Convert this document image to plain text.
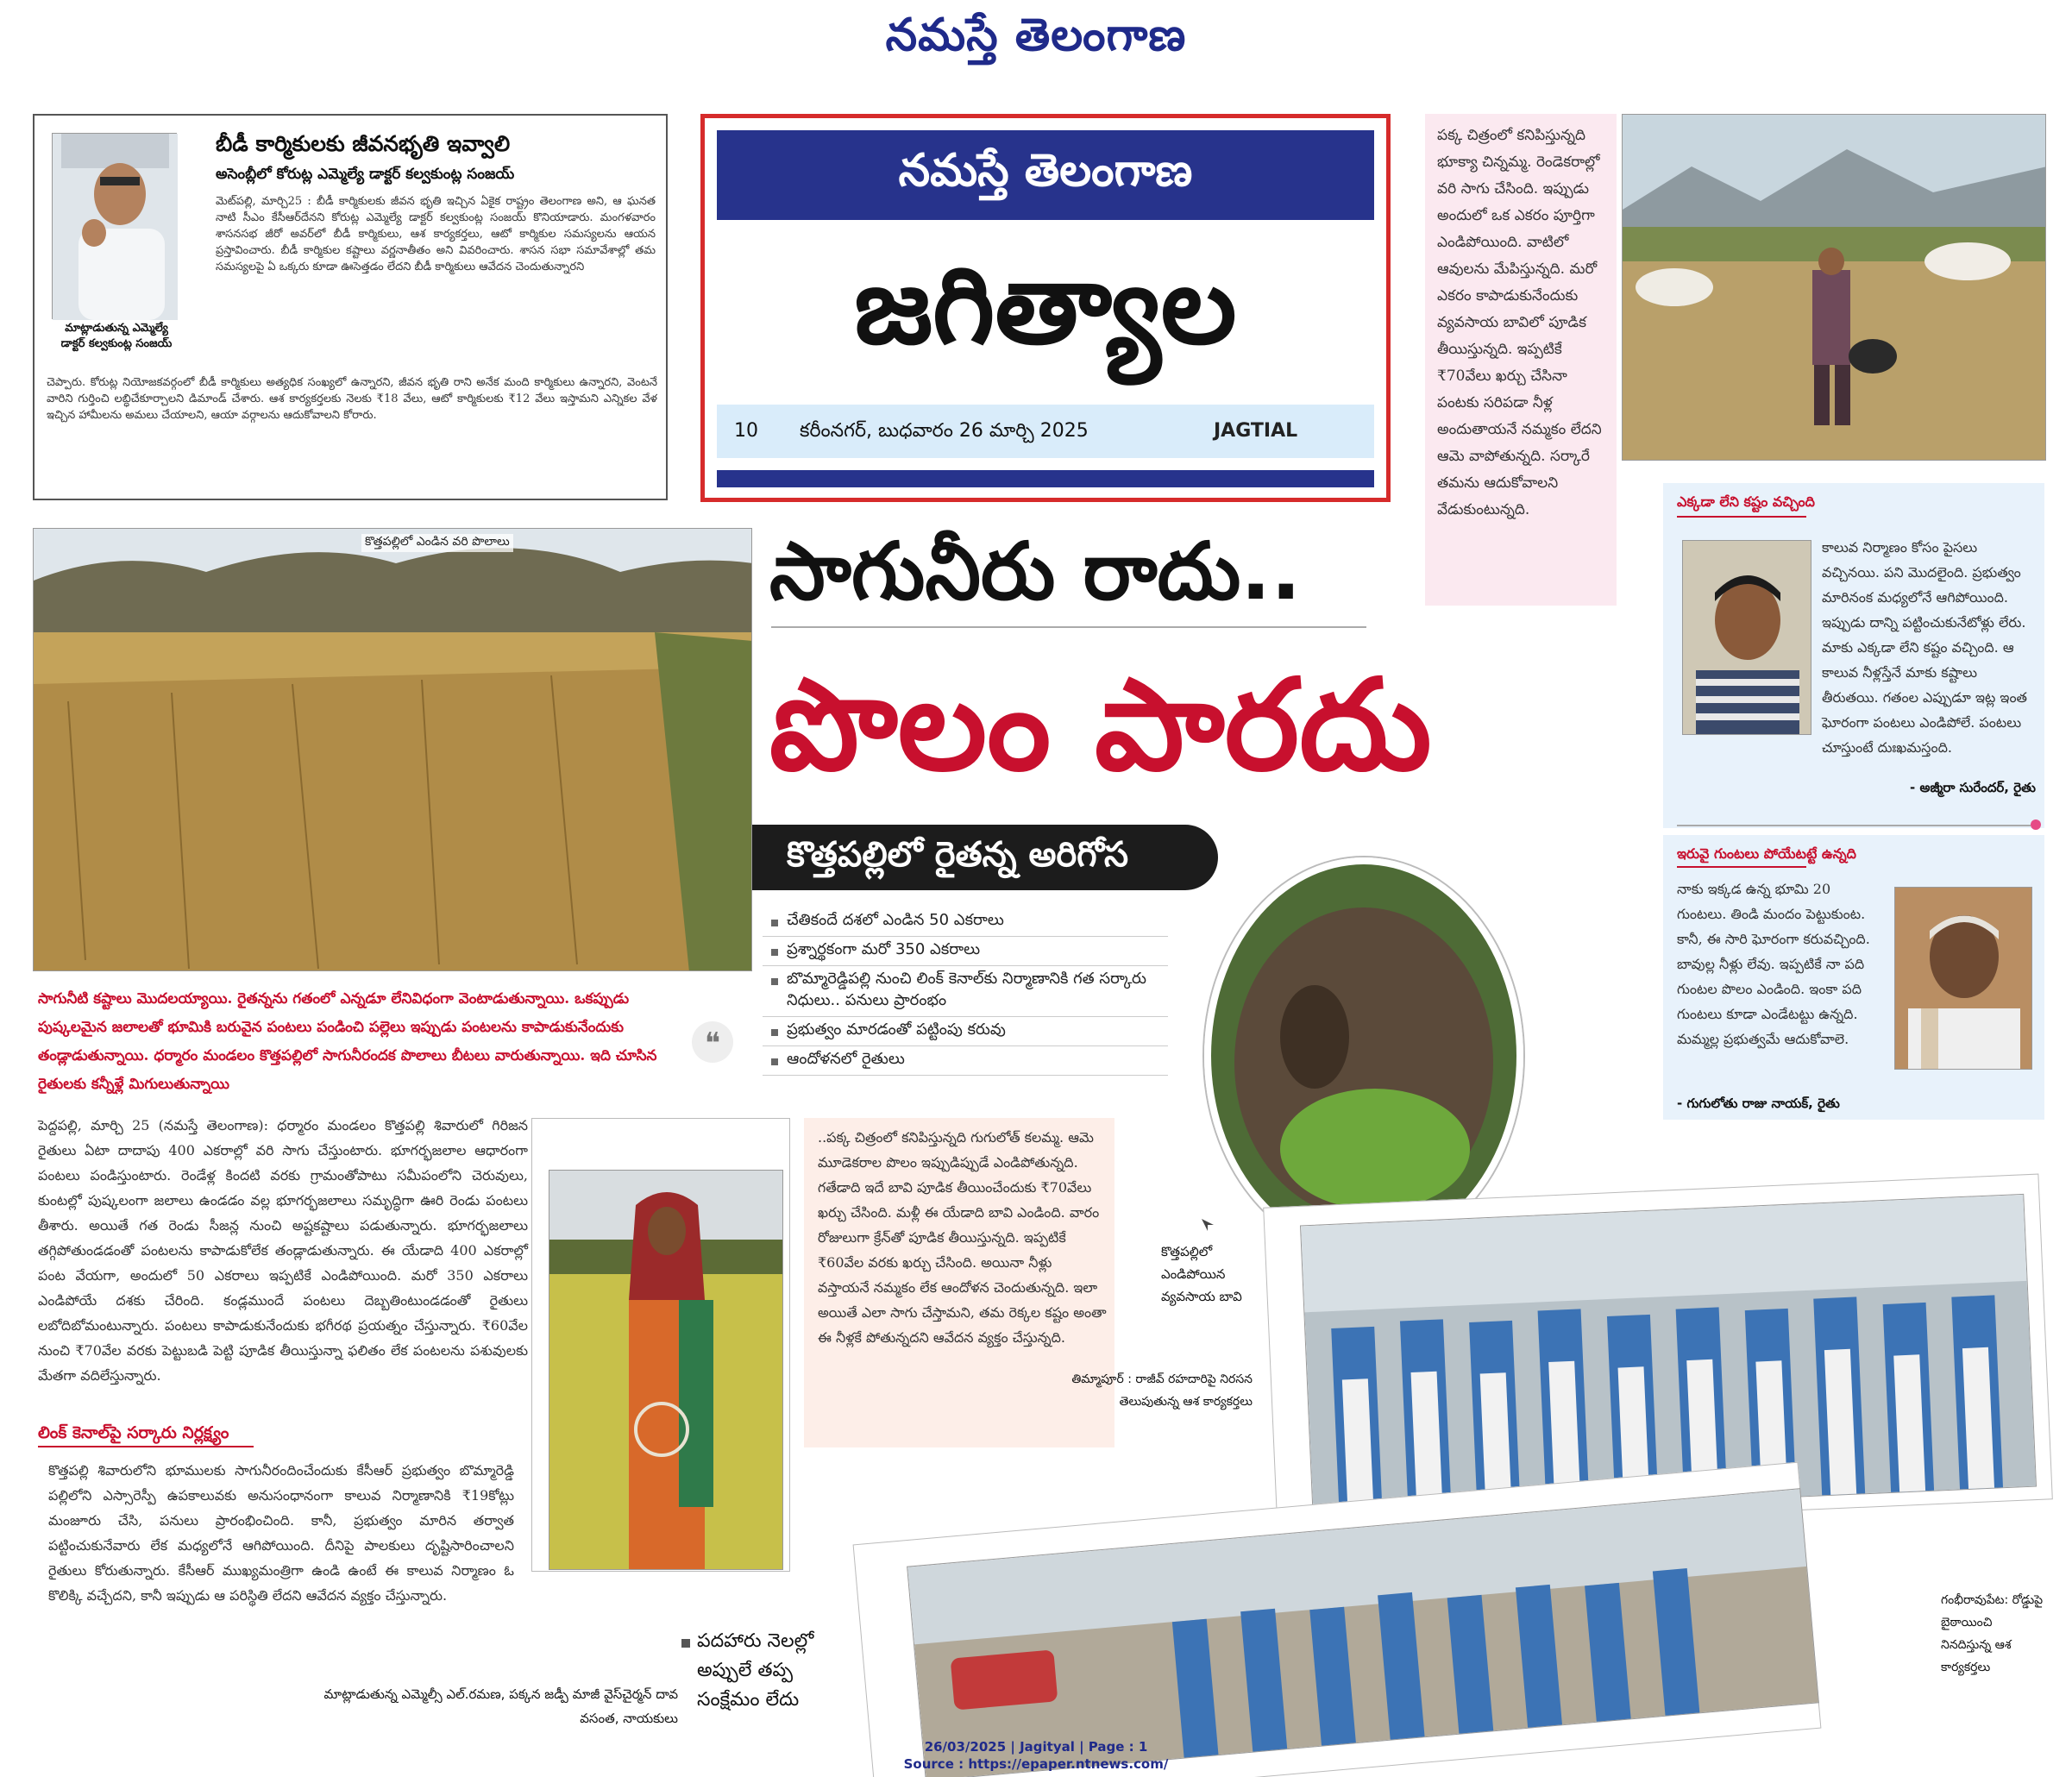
నమస్తే తెలంగాణ
మాట్లాడుతున్న ఎమ్మెల్యే డాక్టర్ కల్వకుంట్ల సంజయ్
బీడీ కార్మికులకు జీవనభృతి ఇవ్వాలి
అసెంబ్లీలో కోరుట్ల ఎమ్మెల్యే డాక్టర్ కల్వకుంట్ల సంజయ్
మెట్‌పల్లి, మార్చి25 : బీడీ కార్మికులకు జీవన భృతి ఇచ్చిన ఏకైక రాష్ట్రం తెలంగాణ అని, ఆ ఘనత నాటి సీఎం కేసీఆర్‌దేనని కోరుట్ల ఎమ్మెల్యే డాక్టర్ కల్వకుంట్ల సంజయ్ కొనియాడారు. మంగళవారం శాసనసభ జీరో అవర్‌లో బీడీ కార్మికులు, ఆశ కార్యకర్తలు, ఆటో కార్మికుల సమస్యలను ఆయన ప్రస్తావించారు. బీడీ కార్మికుల కష్టాలు వర్ణనాతీతం అని వివరించారు. శాసన సభా సమావేశాల్లో తమ సమస్యలపై ఏ ఒక్కరు కూడా ఊసెత్తడం లేదని బీడీ కార్మికులు ఆవేదన చెందుతున్నారని
చెప్పారు. కోరుట్ల నియోజకవర్గంలో బీడీ కార్మికులు అత్యధిక సంఖ్యలో ఉన్నారని, జీవన భృతి రాని అనేక మంది కార్మికులు ఉన్నారని, వెంటనే వారిని గుర్తించి లబ్ధిచేకూర్చాలని డిమాండ్ చేశారు. ఆశ కార్యకర్తలకు నెలకు ₹18 వేలు, ఆటో కార్మికులకు ₹12 వేలు ఇస్తామని ఎన్నికల వేళ ఇచ్చిన హామీలను అమలు చేయాలని, ఆయా వర్గాలను ఆదుకోవాలని కోరారు.
నమస్తే తెలంగాణ
జగిత్యాల
10 కరీంనగర్, బుధవారం 26 మార్చి 2025	JAGTIAL
పక్క చిత్రంలో కనిపిస్తున్నది భూక్యా చిన్నమ్మ. రెండెకరాల్లో వరి సాగు చేసింది. ఇప్పుడు అందులో ఒక ఎకరం పూర్తిగా ఎండిపోయింది. వాటిలో ఆవులను మేపిస్తున్నది. మరో ఎకరం కాపాడుకునేందుకు వ్యవసాయ బావిలో పూడిక తీయిస్తున్నది. ఇప్పటికే ₹70వేలు ఖర్చు చేసినా పంటకు సరిపడా నీళ్ల అందుతాయనే నమ్మకం లేదని ఆమె వాపోతున్నది. సర్కారే తమను ఆదుకోవాలని వేడుకుంటున్నది.	ఎక్కడా లేని కష్టం వచ్చింది
కాలువ నిర్మాణం కోసం పైసలు వచ్చినయి. పని మొదలైంది. ప్రభుత్వం మారినంక మధ్యలోనే ఆగిపోయింది. ఇప్పుడు దాన్ని పట్టించుకునేటోళ్లు లేరు. మాకు ఎక్కడా లేని కష్టం వచ్చింది. ఆ కాలువ నీళ్లస్తేనే మాకు కష్టాలు తీరుతయి. గతంల ఎప్పుడూ ఇట్ల ఇంత ఘోరంగా పంటలు ఎండిపోలే. పంటలు చూస్తుంటే దుఃఖమస్తంది.
- అజ్మీరా సురేందర్, రైతు
ఇరువై గుంటలు పోయేటట్టే ఉన్నది
నాకు ఇక్కడ ఉన్న భూమి 20 గుంటలు. తిండి మందం పెట్టుకుంట. కానీ, ఈ సారి ఘోరంగా కరువచ్చింది. బావుల్ల నీళ్లు లేవు. ఇప్పటికే నా పది గుంటల పొలం ఎండింది. ఇంకా పది గుంటలు కూడా ఎండేటట్టు ఉన్నది. మమ్మల్ల ప్రభుత్వమే ఆదుకోవాలె.
- గుగులోతు రాజు నాయక్, రైతు
కొత్తపల్లిలో ఎండిన వరి పొలాలు	సాగునీరు రాదు..
పొలం పారదు
కొత్తపల్లిలో రైతన్న అరిగోస
చేతికందే దశలో ఎండిన 50 ఎకరాలు
ప్రశ్నార్థకంగా మరో 350 ఎకరాలు
బొమ్మారెడ్డిపల్లి నుంచి లింక్ కెనాల్‌కు నిర్మాణానికి గత సర్కారు నిధులు.. పనులు ప్రారంభం
ప్రభుత్వం మారడంతో పట్టింపు కరువు
ఆందోళనలో రైతులు
కొత్తపల్లిలో ఎండిపోయిన వ్యవసాయ బావి
సాగునీటి కష్టాలు మొదలయ్యాయి. రైతన్నను గతంలో ఎన్నడూ లేనివిధంగా వెంటాడుతున్నాయి. ఒకప్పుడు పుష్కలమైన జలాలతో భూమికి బరువైన పంటలు పండించి పల్లెలు ఇప్పుడు పంటలను కాపాడుకునేందుకు తండ్లాడుతున్నాయి. ధర్మారం మండలం కొత్తపల్లిలో సాగునీరందక పొలాలు బీటలు వారుతున్నాయి. ఇది చూసిన రైతులకు కన్నీళ్లే మిగులుతున్నాయి
❝
పెద్దపల్లి, మార్చి 25 (నమస్తే తెలంగాణ): ధర్మారం మండలం కొత్తపల్లి శివారులో గిరిజన రైతులు ఏటా దాదాపు 400 ఎకరాల్లో వరి సాగు చేస్తుంటారు. భూగర్భజలాల ఆధారంగా పంటలు పండిస్తుంటారు. రెండేళ్ల కిందటి వరకు గ్రామంతోపాటు సమీపంలోని చెరువులు, కుంటల్లో పుష్కలంగా జలాలు ఉండడం వల్ల భూగర్భజలాలు సమృద్ధిగా ఊరి రెండు పంటలు తీశారు. అయితే గత రెండు సీజన్ల నుంచి అష్టకష్టాలు పడుతున్నారు. భూగర్భజలాలు తగ్గిపోతుండడంతో పంటలను కాపాడుకోలేక తండ్లాడుతున్నారు. ఈ యేడాది 400 ఎకరాల్లో పంట వేయగా, అందులో 50 ఎకరాలు ఇప్పటికే ఎండిపోయింది. మరో 350 ఎకరాలు ఎండిపోయే దశకు చేరింది. కండ్లముందే పంటలు దెబ్బతింటుండడంతో రైతులు లబోదిబోమంటున్నారు. పంటలు కాపాడుకునేందుకు భగీరథ ప్రయత్నం చేస్తున్నారు. ₹60వేల నుంచి ₹70వేల వరకు పెట్టుబడి పెట్టి పూడిక తీయిస్తున్నా ఫలితం లేక పంటలను పశువులకు మేతగా వదిలేస్తున్నారు.
లింక్ కెనాల్‌పై సర్కారు నిర్లక్ష్యం
కొత్తపల్లి శివారులోని భూములకు సాగునీరందించేందుకు కేసీఆర్ ప్రభుత్వం బొమ్మారెడ్డి పల్లిలోని ఎస్సారెస్పీ ఉపకాలువకు అనుసంధానంగా కాలువ నిర్మాణానికి ₹19కోట్లు మంజూరు చేసి, పనులు ప్రారంభించింది. కానీ, ప్రభుత్వం మారిన తర్వాత పట్టించుకునేవారు లేక మధ్యలోనే ఆగిపోయింది. దీనిపై పాలకులు దృష్టిసారించాలని రైతులు కోరుతున్నారు. కేసీఆర్ ముఖ్యమంత్రిగా ఉండి ఉంటే ఈ కాలువ నిర్మాణం ఓ కొలిక్కి వచ్చేదని, కానీ ఇప్పుడు ఆ పరిస్థితి లేదని ఆవేదన వ్యక్తం చేస్తున్నారు.
..పక్క చిత్రంలో కనిపిస్తున్నది గుగులోత్ కలమ్మ. ఆమె మూడెకరాల పొలం ఇప్పుడిప్పుడే ఎండిపోతున్నది. గతేడాది ఇదే బావి పూడిక తీయించేందుకు ₹70వేలు ఖర్చు చేసింది. మళ్లీ ఈ యేడాది బావి ఎండింది. వారం రోజులుగా క్రేన్‌తో పూడిక తీయిస్తున్నది. ఇప్పటికే ₹60వేల వరకు ఖర్చు చేసింది. అయినా నీళ్లు వస్తాయనే నమ్మకం లేక ఆందోళన చెందుతున్నది. ఇలా అయితే ఎలా సాగు చేస్తామని, తమ రెక్కల కష్టం అంతా ఈ నీళ్లకే పోతున్నదని ఆవేదన వ్యక్తం చేస్తున్నది.
తిమ్మాపూర్ : రాజీవ్ రహదారిపై నిరసన తెలుపుతున్న ఆశ కార్యకర్తలు
గంభీరావుపేట: రోడ్డుపై బైఠాయించి నినదిస్తున్న ఆశ కార్యకర్తలు
మాట్లాడుతున్న ఎమ్మెల్సీ ఎల్.రమణ, పక్కన జడ్పీ మాజీ వైస్‌చైర్మన్ దావ వసంత, నాయకులు
పదహారు నెలల్లో
అప్పులే తప్ప
సంక్షేమం లేదు
26/03/2025 | Jagityal | Page : 1
Source : https://epaper.ntnews.com/
